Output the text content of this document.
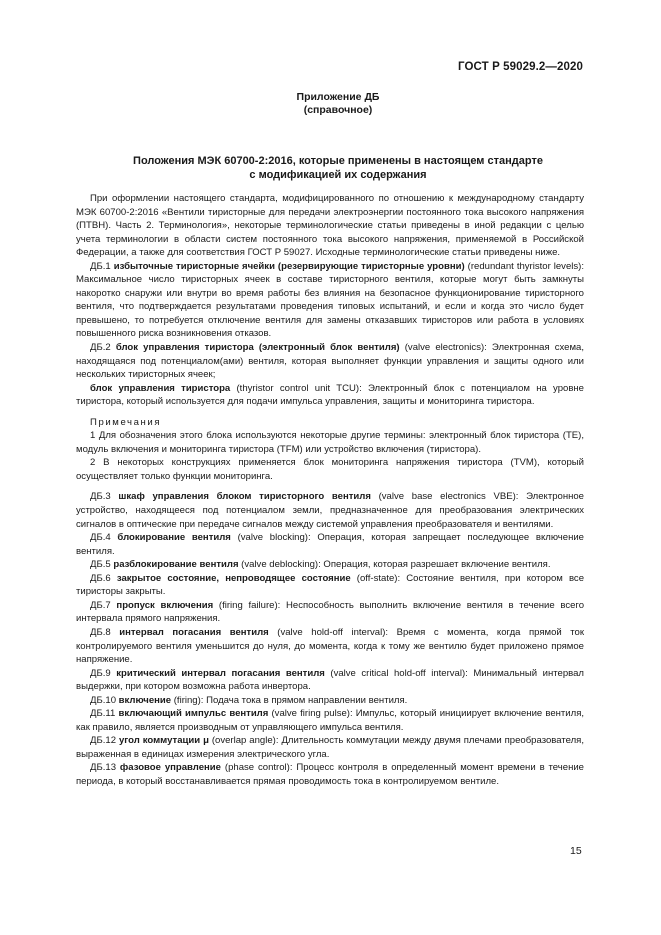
ГОСТ Р 59029.2—2020
Приложение ДБ
(справочное)
Положения МЭК 60700-2:2016, которые применены в настоящем стандарте
с модификацией их содержания

При оформлении настоящего стандарта, модифицированного по отношению к международному стандарту МЭК 60700-2:2016 «Вентили тиристорные для передачи электроэнергии постоянного тока высокого напряжения (ПТВН). Часть 2. Терминология», некоторые терминологические статьи приведены в иной редакции с целью учета терминологии в области систем постоянного тока высокого напряжения, применяемой в Российской Федерации, а также для соответствия ГОСТ Р 59027. Исходные терминологические статьи приведены ниже.

ДБ.1 избыточные тиристорные ячейки (резервирующие тиристорные уровни) (redundant thyristor levels): Максимальное число тиристорных ячеек в составе тиристорного вентиля, которые могут быть замкнуты накоротко снаружи или внутри во время работы без влияния на безопасное функционирование тиристорного вентиля, что подтверждается результатами проведения типовых испытаний, и если и когда это число будет превышено, то потребуется отключение вентиля для замены отказавших тиристоров или работа в условиях повышенного риска возникновения отказов.

ДБ.2 блок управления тиристора (электронный блок вентиля) (valve electronics): Электронная схема, находящаяся под потенциалом(ами) вентиля, которая выполняет функции управления и защиты одного или нескольких тиристорных ячеек;

блок управления тиристора (thyristor control unit TCU): Электронный блок с потенциалом на уровне тиристора, который используется для подачи импульса управления, защиты и мониторинга тиристора.

Примечания

1 Для обозначения этого блока используются некоторые другие термины: электронный блок тиристора (TE), модуль включения и мониторинга тиристора (TFM) или устройство включения (тиристора).

2 В некоторых конструкциях применяется блок мониторинга напряжения тиристора (TVM), который осуществляет только функции мониторинга.

ДБ.3 шкаф управления блоком тиристорного вентиля (valve base electronics VBE): Электронное устройство, находящееся под потенциалом земли, предназначенное для преобразования электрических сигналов в оптические при передаче сигналов между системой управления преобразователя и вентилями.

ДБ.4 блокирование вентиля (valve blocking): Операция, которая запрещает последующее включение вентиля.

ДБ.5 разблокирование вентиля (valve deblocking): Операция, которая разрешает включение вентиля.

ДБ.6 закрытое состояние, непроводящее состояние (off-state): Состояние вентиля, при котором все тиристоры закрыты.

ДБ.7 пропуск включения (firing failure): Неспособность выполнить включение вентиля в течение всего интервала прямого напряжения.

ДБ.8 интервал погасания вентиля (valve hold-off interval): Время с момента, когда прямой ток контролируемого вентиля уменьшится до нуля, до момента, когда к тому же вентилю будет приложено прямое напряжение.

ДБ.9 критический интервал погасания вентиля (valve critical hold-off interval): Минимальный интервал выдержки, при котором возможна работа инвертора.

ДБ.10 включение (firing): Подача тока в прямом направлении вентиля.

ДБ.11 включающий импульс вентиля (valve firing pulse): Импульс, который инициирует включение вентиля, как правило, является производным от управляющего импульса вентиля.

ДБ.12 угол коммутации μ (overlap angle): Длительность коммутации между двумя плечами преобразователя, выраженная в единицах измерения электрического угла.

ДБ.13 фазовое управление (phase control): Процесс контроля в определенный момент времени в течение периода, в который восстанавливается прямая проводимость тока в контролируемом вентиле.

15
